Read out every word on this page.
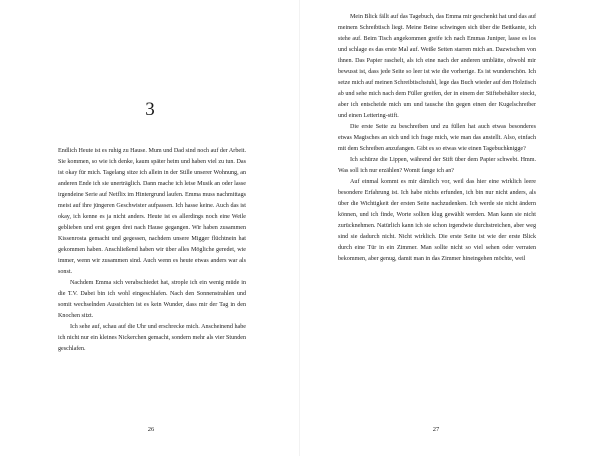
3

Endlich Heute ist es ruhig zu Hause. Mum und Dad sind noch auf der Arbeit. Sie kommen, so wie ich denke, kaum später heim und haben viel zu tun. Das ist okay für mich. Tagelang sitze ich allein in der Stille unserer Wohnung, an anderen Ende ich sie unerträglich. Dann mache ich leise Musik an oder lasse irgendeine Serie auf Netflix im Hintergrund laufen. Emma muss nachmittags meist auf ihre jüngeren Geschwister aufpassen. Ich hasse keine. Auch das ist okay, ich kenne es ja nicht anders. Heute ist es allerdings noch eine Weile geblieben und erst gegen drei nach Hause gegangen. Wir haben zusammen Kissenrosta gemacht und gegessen, nachdem unsere Migger flüchtnein hat gekommen haben. Anschließend haben wir über alles Mögliche geredet, wie immer, wenn wir zusammen sind. Auch wenn es heute etwas anders war als sonst.

Nachdem Emma sich verabschiedet hat, strople ich ein wenig müde in die T.V. Dabei bin ich wohl eingeschlafen. Nach den Sonnenstrahlen und somit wechselnden Aussichten ist es kein Wunder, dass mir der Tag in den Knochen sitzt.

Ich sehe auf, schau auf die Uhr und erschrecke mich. Anscheinend habe ich nicht nur ein kleines Nickerchen gemacht, sondern mehr als vier Stunden geschlafen.

26

Mein Blick fällt auf das Tagebuch, das Emma mir geschenkt hat und das auf meinem Schreibtisch liegt. Meine Beine schwingen sich über die Bettkante, ich stehe auf. Beim Tisch angekommen greife ich nach Emmas Juniper, lasse es los und schlage es das erste Mal auf. Weiße Seiten starren mich an. Dazwischen von ihnen. Das Papier raschelt, als ich eine nach der anderen umblätte, obwohl mir bewusst ist, dass jede Seite so leer ist wie die vorherige. Es ist wunderschön. Ich setze mich auf meinen Schreibtischstuhl, lege das Buch wieder auf den Holztisch ab und sehe mich nach dem Füller greifen, der in einem der Stiftebehälter steckt, aber ich entscheide mich um und tausche ihn gegen einen der Kugelschreiber und einen Lettering-stift.

Die erste Seite zu beschreiben und zu füllen hat auch etwas besonderes etwas Magisches an sich und ich frage mich, wie man das anstellt. Also, einfach mit dem Schreiben anzufangen. Gibt es so etwas wie einen Tagebuchknigge?

Ich schürze die Lippen, während der Stift über dem Papier schwebt. Hmm. Was soll ich nur erzählen? Womit fange ich an?

Auf einmal kommt es mir dämlich vor, weil das hier eine wirklich leere besondere Erfahrung ist. Ich habe nichts erfunden, ich bin nur nicht anders, als über die Wichtigkeit der ersten Seite nachzudenken. Ich werde sie nicht ändern können, und ich finde, Worte sollten klug gewählt werden. Man kann sie nicht zurücknehmen. Natürlich kann ich sie schon irgendwie durchstreichen, aber weg sind sie dadurch nicht. Nicht wirklich. Die erste Seite ist wie der erste Blick durch eine Tür in ein Zimmer. Man sollte nicht so viel sehen oder verraten bekommen, aber genug, damit man in das Zimmer hineingehen möchte, weil

27
